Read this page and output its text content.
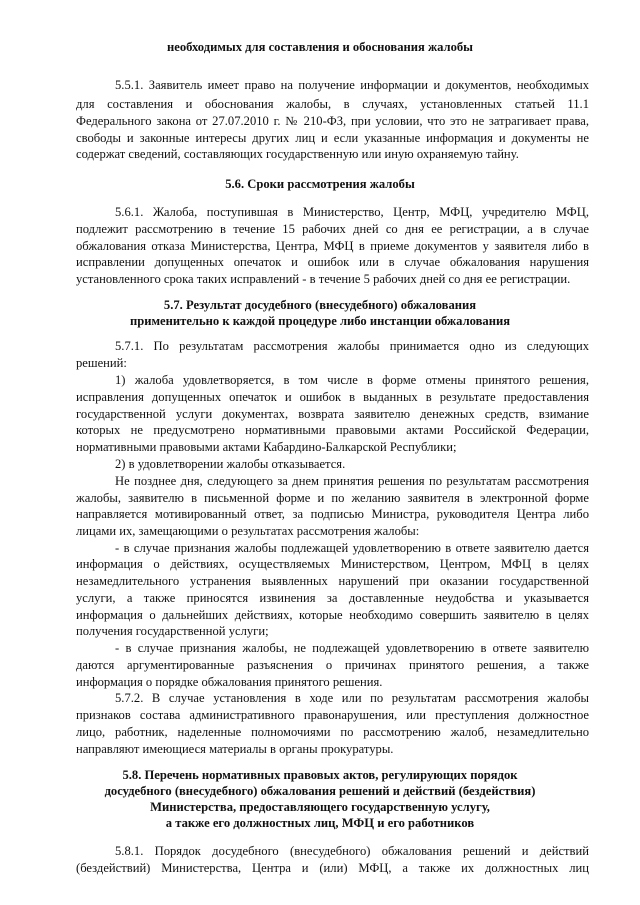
необходимых для составления и обоснования жалобы
5.5.1. Заявитель имеет право на получение информации и документов, необходимых
для составления и обоснования жалобы, в случаях, установленных статьей 11.1
Федерального закона от 27.07.2010 г. № 210-ФЗ, при условии, что это не затрагивает права,
свободы и законные интересы других лиц и если указанные информация и документы не
содержат сведений, составляющих государственную или иную охраняемую тайну.
5.6. Сроки рассмотрения жалобы
5.6.1. Жалоба, поступившая в Министерство, Центр, МФЦ, учредителю МФЦ,
подлежит рассмотрению в течение 15 рабочих дней со дня ее регистрации, а в случае
обжалования отказа Министерства, Центра, МФЦ в приеме документов у заявителя либо в
исправлении допущенных опечаток и ошибок или в случае обжалования нарушения
установленного срока таких исправлений - в течение 5 рабочих дней со дня ее регистрации.
5.7. Результат досудебного (внесудебного) обжалования
применительно к каждой процедуре либо инстанции обжалования
5.7.1. По результатам рассмотрения жалобы принимается одно из следующих
решений:
1) жалоба удовлетворяется, в том числе в форме отмены принятого решения,
исправления допущенных опечаток и ошибок в выданных в результате предоставления
государственной услуги документах, возврата заявителю денежных средств, взимание
которых не предусмотрено нормативными правовыми актами Российской Федерации,
нормативными правовыми актами Кабардино-Балкарской Республики;
2) в удовлетворении жалобы отказывается.
Не позднее дня, следующего за днем принятия решения по результатам рассмотрения
жалобы, заявителю в письменной форме и по желанию заявителя в электронной форме
направляется мотивированный ответ, за подписью Министра, руководителя Центра либо
лицами их, замещающими о результатах рассмотрения жалобы:
- в случае признания жалобы подлежащей удовлетворению в ответе заявителю дается
информация о действиях, осуществляемых Министерством, Центром, МФЦ в целях
незамедлительного устранения выявленных нарушений при оказании государственной
услуги, а также приносятся извинения за доставленные неудобства и указывается
информация о дальнейших действиях, которые необходимо совершить заявителю в целях
получения государственной услуги;
- в случае признания жалобы, не подлежащей удовлетворению в ответе заявителю
даются аргументированные разъяснения о причинах принятого решения, а также
информация о порядке обжалования принятого решения.
5.7.2. В случае установления в ходе или по результатам рассмотрения жалобы
признаков состава административного правонарушения, или преступления должностное
лицо, работник, наделенные полномочиями по рассмотрению жалоб, незамедлительно
направляют имеющиеся материалы в органы прокуратуры.
5.8. Перечень нормативных правовых актов, регулирующих порядок
досудебного (внесудебного) обжалования решений и действий (бездействия)
Министерства, предоставляющего государственную услугу,
а также его должностных лиц, МФЦ и его работников
5.8.1. Порядок досудебного (внесудебного) обжалования решений и действий
(бездействий) Министерства, Центра и (или) МФЦ, а также их должностных лиц
